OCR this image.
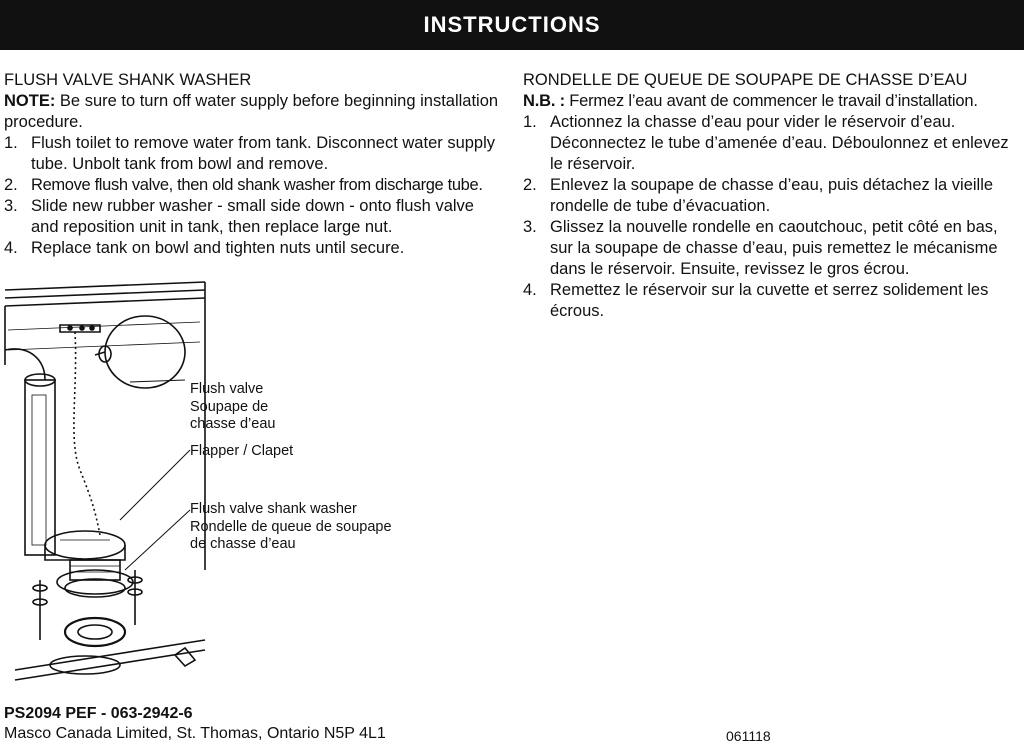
INSTRUCTIONS
FLUSH VALVE SHANK WASHER
NOTE: Be sure to turn off water supply before beginning installation procedure.
1. Flush toilet to remove water from tank. Disconnect water supply tube. Unbolt tank from bowl and remove.
2. Remove flush valve, then old shank washer from discharge tube.
3. Slide new rubber washer - small side down - onto flush valve and reposition unit in tank, then replace large nut.
4. Replace tank on bowl and tighten nuts until secure.
RONDELLE DE QUEUE DE SOUPAPE DE CHASSE D’EAU
N.B. : Fermez l’eau avant de commencer le travail d’installation.
1. Actionnez la chasse d’eau pour vider le réservoir d’eau. Déconnectez le tube d’amenée d’eau. Déboulonnez et enlevez le réservoir.
2. Enlevez la soupape de chasse d’eau, puis détachez la vieille rondelle de tube d’évacuation.
3. Glissez la nouvelle rondelle en caoutchouc, petit côté en bas, sur la soupape de chasse d’eau, puis remettez le mécanisme dans le réservoir. Ensuite, revissez le gros écrou.
4. Remettez le réservoir sur la cuvette et serrez solidement les écrous.
Flush valve
Soupape de
chasse d’eau
Flapper / Clapet
Flush valve shank washer
Rondelle de queue de soupape
de chasse d’eau
PS2094 PEF - 063-2942-6
Masco Canada Limited, St. Thomas, Ontario N5P 4L1	061118
